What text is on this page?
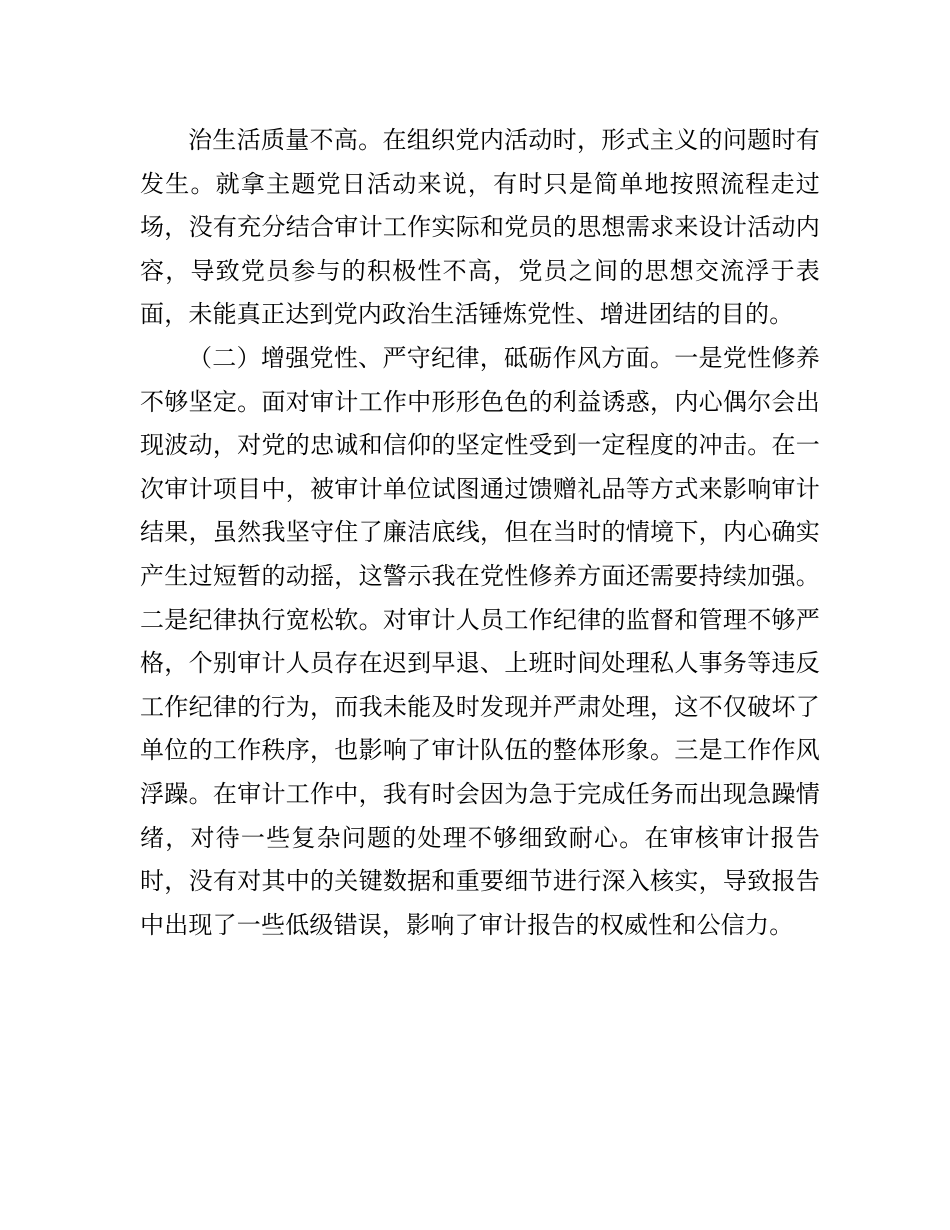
治生活质量不高。在组织党内活动时，形式主义的问题时有发生。就拿主题党日活动来说，有时只是简单地按照流程走过场，没有充分结合审计工作实际和党员的思想需求来设计活动内容，导致党员参与的积极性不高，党员之间的思想交流浮于表面，未能真正达到党内政治生活锤炼党性、增进团结的目的。

（二）增强党性、严守纪律，砥砺作风方面。一是党性修养不够坚定。面对审计工作中形形色色的利益诱惑，内心偶尔会出现波动，对党的忠诚和信仰的坚定性受到一定程度的冲击。在一次审计项目中，被审计单位试图通过馈赠礼品等方式来影响审计结果，虽然我坚守住了廉洁底线，但在当时的情境下，内心确实产生过短暂的动摇，这警示我在党性修养方面还需要持续加强。二是纪律执行宽松软。对审计人员工作纪律的监督和管理不够严格，个别审计人员存在迟到早退、上班时间处理私人事务等违反工作纪律的行为，而我未能及时发现并严肃处理，这不仅破坏了单位的工作秩序，也影响了审计队伍的整体形象。三是工作作风浮躁。在审计工作中，我有时会因为急于完成任务而出现急躁情绪，对待一些复杂问题的处理不够细致耐心。在审核审计报告时，没有对其中的关键数据和重要细节进行深入核实，导致报告中出现了一些低级错误，影响了审计报告的权威性和公信力。
